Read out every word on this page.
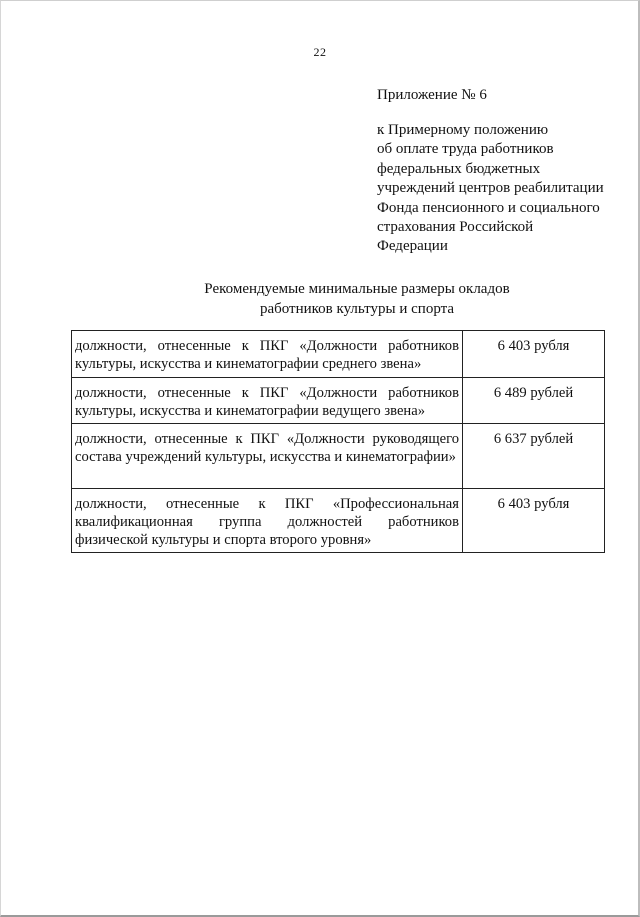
22
Приложение № 6
к Примерному положению
об оплате труда работников
федеральных бюджетных
учреждений центров реабилитации
Фонда пенсионного и социального
страхования Российской
Федерации
Рекомендуемые минимальные размеры окладов
работников культуры и спорта
должности, отнесенные к ПКГ «Должности работников культуры, искусства и кинематографии среднего звена»	6 403 рубля
должности, отнесенные к ПКГ «Должности работников культуры, искусства и кинематографии ведущего звена»	6 489 рублей
должности, отнесенные к ПКГ «Должности руководящего состава учреждений культуры, искусства и кинематографии»	6 637 рублей
должности, отнесенные к ПКГ «Профессиональная квалификационная группа должностей работников физической культуры и спорта второго уровня»	6 403 рубля
